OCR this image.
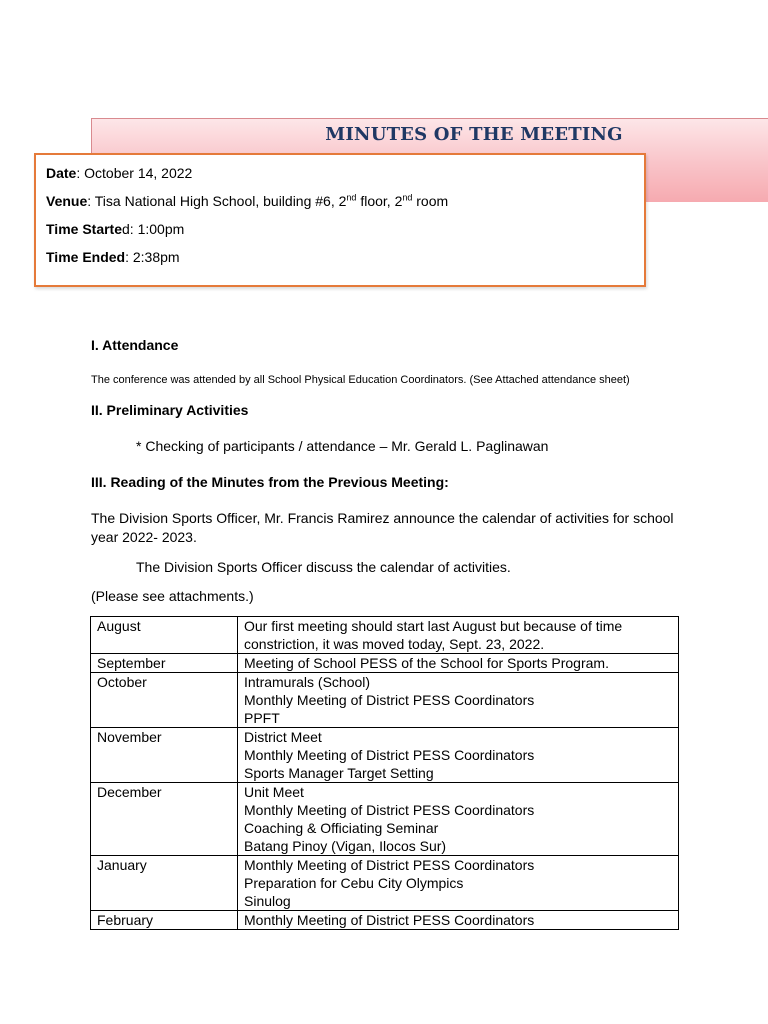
MINUTES OF THE MEETING
Date: October 14, 2022
Venue: Tisa National High School, building #6, 2nd floor, 2nd room
Time Started: 1:00pm
Time Ended: 2:38pm
I. Attendance
The conference was attended by all School Physical Education Coordinators. (See Attached attendance sheet)
II. Preliminary Activities
* Checking of participants / attendance – Mr. Gerald L. Paglinawan
III. Reading of the Minutes from the Previous Meeting:
The Division Sports Officer, Mr. Francis Ramirez announce the calendar of activities for school year 2022- 2023.
The Division Sports Officer discuss the calendar of activities.
(Please see attachments.)
August	Our first meeting should start last August but because of time constriction, it was moved today, Sept. 23, 2022.

September	Meeting of School PESS of the School for Sports Program.

October	Intramurals (School)
Monthly Meeting of District PESS Coordinators
PPFT

November	District Meet
Monthly Meeting of District PESS Coordinators
Sports Manager Target Setting

December	Unit Meet
Monthly Meeting of District PESS Coordinators
Coaching & Officiating Seminar
Batang Pinoy (Vigan, Ilocos Sur)

January	Monthly Meeting of District PESS Coordinators
Preparation for Cebu City Olympics
Sinulog

February	Monthly Meeting of District PESS Coordinators
